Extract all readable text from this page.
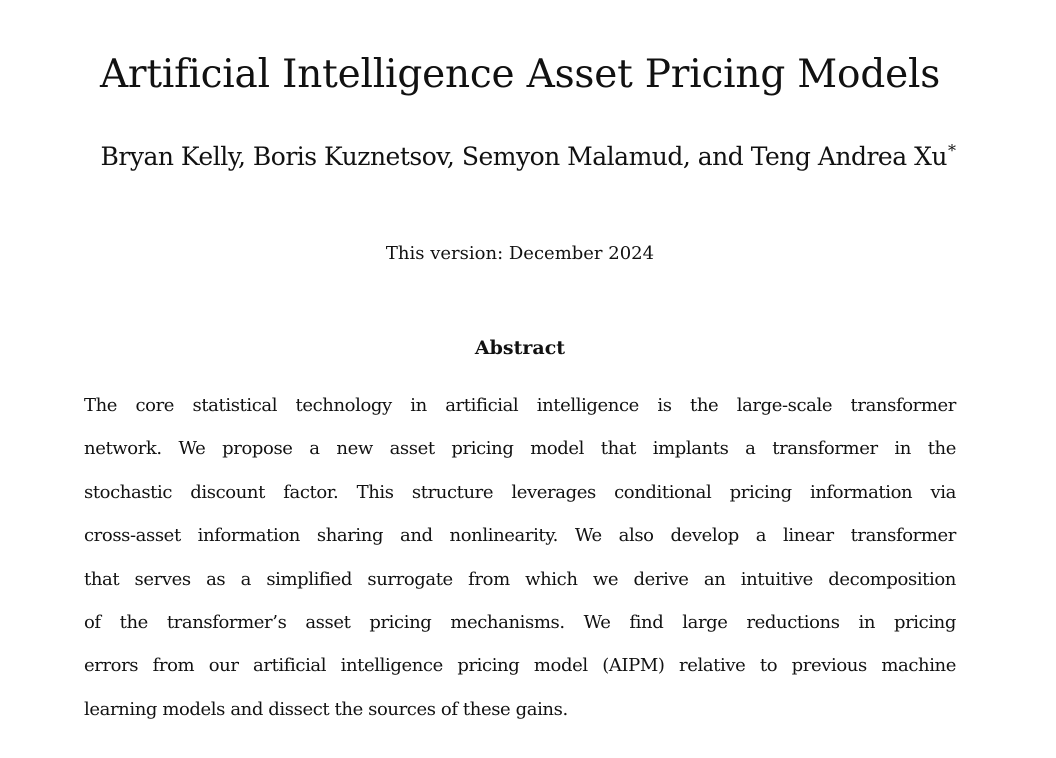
Artificial Intelligence Asset Pricing Models

Bryan Kelly, Boris Kuznetsov, Semyon Malamud, and Teng Andrea Xu*

This version: December 2024

Abstract
The core statistical technology in artificial intelligence is the large-scale transformer
network. We propose a new asset pricing model that implants a transformer in the
stochastic discount factor. This structure leverages conditional pricing information via
cross-asset information sharing and nonlinearity. We also develop a linear transformer
that serves as a simplified surrogate from which we derive an intuitive decomposition
of the transformer’s asset pricing mechanisms. We find large reductions in pricing
errors from our artificial intelligence pricing model (AIPM) relative to previous machine
learning models and dissect the sources of these gains.
